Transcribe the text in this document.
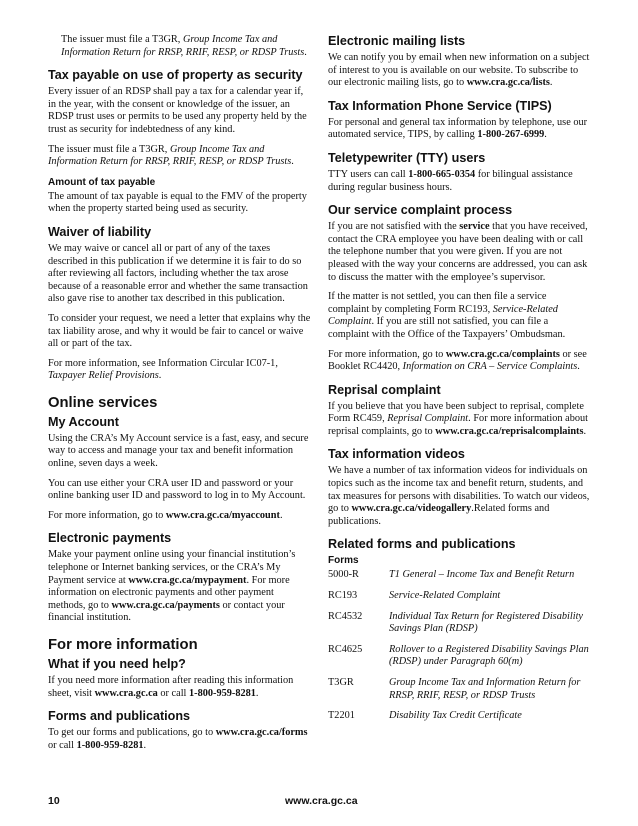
The issuer must file a T3GR, Group Income Tax and Information Return for RRSP, RRIF, RESP, or RDSP Trusts.

Tax payable on use of property as security

Every issuer of an RDSP shall pay a tax for a calendar year if, in the year, with the consent or knowledge of the issuer, an RDSP trust uses or permits to be used any property held by the trust as security for indebtedness of any kind.

The issuer must file a T3GR, Group Income Tax and Information Return for RRSP, RRIF, RESP, or RDSP Trusts.

Amount of tax payable

The amount of tax payable is equal to the FMV of the property when the property started being used as security.

Waiver of liability

We may waive or cancel all or part of any of the taxes described in this publication if we determine it is fair to do so after reviewing all factors, including whether the tax arose because of a reasonable error and whether the same transaction also gave rise to another tax described in this publication.

To consider your request, we need a letter that explains why the tax liability arose, and why it would be fair to cancel or waive all or part of the tax.

For more information, see Information Circular IC07-1, Taxpayer Relief Provisions.

Online services
My Account

Using the CRA’s My Account service is a fast, easy, and secure way to access and manage your tax and benefit information online, seven days a week.

You can use either your CRA user ID and password or your online banking user ID and password to log in to My Account.

For more information, go to www.cra.gc.ca/myaccount.

Electronic payments

Make your payment online using your financial institution’s telephone or Internet banking services, or the CRA’s My Payment service at www.cra.gc.ca/mypayment. For more information on electronic payments and other payment methods, go to www.cra.gc.ca/payments or contact your financial institution.

For more information
What if you need help?

If you need more information after reading this information sheet, visit www.cra.gc.ca or call 1-800-959-8281.

Forms and publications

To get our forms and publications, go to www.cra.gc.ca/forms or call 1-800-959-8281.

Electronic mailing lists

We can notify you by email when new information on a subject of interest to you is available on our website. To subscribe to our electronic mailing lists, go to www.cra.gc.ca/lists.

Tax Information Phone Service (TIPS)

For personal and general tax information by telephone, use our automated service, TIPS, by calling 1-800-267-6999.

Teletypewriter (TTY) users

TTY users can call 1-800-665-0354 for bilingual assistance during regular business hours.

Our service complaint process

If you are not satisfied with the service that you have received, contact the CRA employee you have been dealing with or call the telephone number that you were given. If you are not pleased with the way your concerns are addressed, you can ask to discuss the matter with the employee’s supervisor.

If the matter is not settled, you can then file a service complaint by completing Form RC193, Service-Related Complaint. If you are still not satisfied, you can file a complaint with the Office of the Taxpayers’ Ombudsman.

For more information, go to www.cra.gc.ca/complaints or see Booklet RC4420, Information on CRA – Service Complaints.

Reprisal complaint

If you believe that you have been subject to reprisal, complete Form RC459, Reprisal Complaint. For more information about reprisal complaints, go to www.cra.gc.ca/reprisalcomplaints.

Tax information videos

We have a number of tax information videos for individuals on topics such as the income tax and benefit return, students, and tax measures for persons with disabilities. To watch our videos, go to www.cra.gc.ca/videogallery.Related forms and publications.

Related forms and publications
Forms
5000-R	T1 General – Income Tax and Benefit Return
RC193	Service-Related Complaint
RC4532	Individual Tax Return for Registered Disability Savings Plan (RDSP)
RC4625	Rollover to a Registered Disability Savings Plan (RDSP) under Paragraph 60(m)
T3GR	Group Income Tax and Information Return for RRSP, RRIF, RESP, or RDSP Trusts
T2201	Disability Tax Credit Certificate
10	www.cra.gc.ca
